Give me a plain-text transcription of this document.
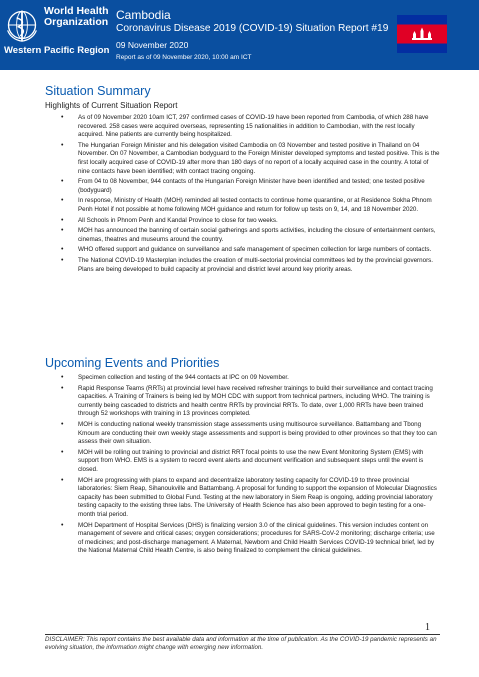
World Health
Organization
Western Pacific Region
Cambodia
Coronavirus Disease 2019 (COVID-19) Situation Report #19
09 November 2020
Report as of 09 November 2020, 10:00 am ICT
Situation Summary
Highlights of Current Situation Report
• As of 09 November 2020 10am ICT, 297 confirmed cases of COVID-19 have been reported from Cambodia, of which 288 have recovered. 258 cases were acquired overseas, representing 15 nationalities in addition to Cambodian, with the rest locally acquired. Nine patients are currently being hospitalized.
• The Hungarian Foreign Minister and his delegation visited Cambodia on 03 November and tested positive in Thailand on 04 November. On 07 November, a Cambodian bodyguard to the Foreign Minister developed symptoms and tested positive. This is the first locally acquired case of COVID-19 after more than 180 days of no report of a locally acquired case in the country. A total of nine contacts have been identified; with contact tracing ongoing.
• From 04 to 08 November, 944 contacts of the Hungarian Foreign Minister have been identified and tested; one tested positive (bodyguard)
• In response, Ministry of Health (MOH) reminded all tested contacts to continue home quarantine, or at Residence Sokha Phnom Penh Hotel if not possible at home following MOH guidance and return for follow up tests on 9, 14, and 18 November 2020.
• All Schools in Phnom Penh and Kandal Province to close for two weeks.
• MOH has announced the banning of certain social gatherings and sports activities, including the closure of entertainment centers, cinemas, theatres and museums around the country.
• WHO offered support and guidance on surveillance and safe management of specimen collection for large numbers of contacts.
• The National COVID-19 Masterplan includes the creation of multi-sectorial provincial committees led by the provincial governors. Plans are being developed to build capacity at provincial and district level around key priority areas.
Upcoming Events and Priorities
• Specimen collection and testing of the 944 contacts at IPC on 09 November.
• Rapid Response Teams (RRTs) at provincial level have received refresher trainings to build their surveillance and contact tracing capacities. A Training of Trainers is being led by MOH CDC with support from technical partners, including WHO. The training is currently being cascaded to districts and health centre RRTs by provincial RRTs. To date, over 1,000 RRTs have been trained through 52 workshops with training in 13 provinces completed.
• MOH is conducting national weekly transmission stage assessments using multisource surveillance. Battambang and Tbong Kmoum are conducting their own weekly stage assessments and support is being provided to other provinces so that they too can assess their own situation.
• MOH will be rolling out training to provincial and district RRT focal points to use the new Event Monitoring System (EMS) with support from WHO. EMS is a system to record event alerts and document verification and subsequent steps until the event is closed.
• MOH are progressing with plans to expand and decentralize laboratory testing capacity for COVID-19 to three provincial laboratories: Siem Reap, Sihanoukville and Battambang. A proposal for funding to support the expansion of Molecular Diagnostics capacity has been submitted to Global Fund. Testing at the new laboratory in Siem Reap is ongoing, adding provincial laboratory testing capacity to the existing three labs. The University of Health Science has also been approved to begin testing for a one-month trial period.
• MOH Department of Hospital Services (DHS) is finalizing version 3.0 of the clinical guidelines. This version includes content on management of severe and critical cases; oxygen considerations; procedures for SARS-CoV-2 monitoring; discharge criteria; use of medicines; and post-discharge management. A Maternal, Newborn and Child Health Services COVID-19 technical brief, led by the National Maternal Child Health Centre, is also being finalized to complement the clinical guidelines.
1
DISCLAIMER: This report contains the best available data and information at the time of publication. As the COVID-19 pandemic represents an evolving situation, the information might change with emerging new information.
